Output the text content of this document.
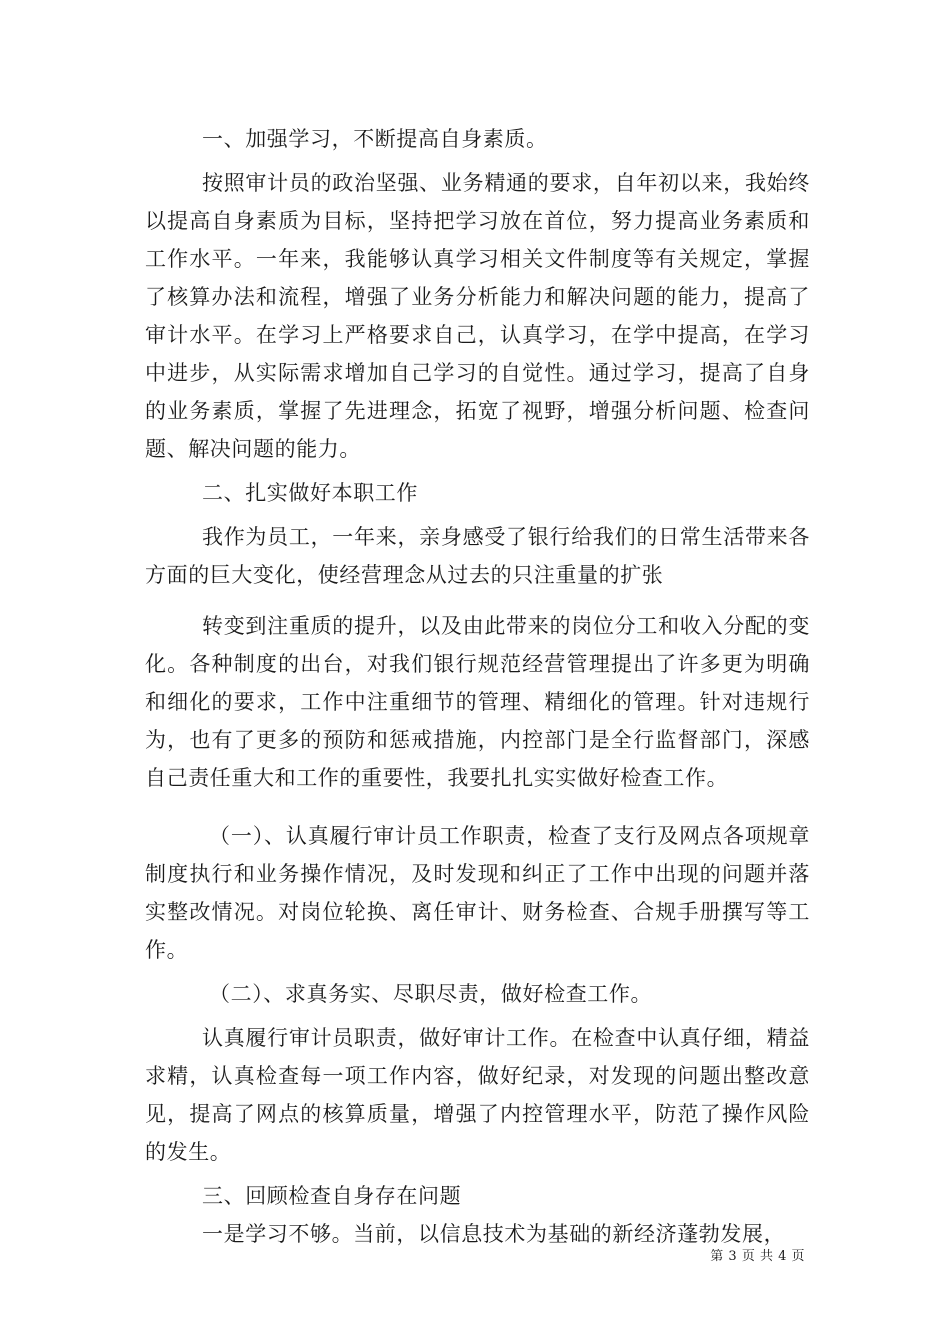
一、加强学习，不断提高自身素质。

按照审计员的政治坚强、业务精通的要求，自年初以来，我始终以提高自身素质为目标，坚持把学习放在首位，努力提高业务素质和工作水平。一年来，我能够认真学习相关文件制度等有关规定，掌握了核算办法和流程，增强了业务分析能力和解决问题的能力，提高了审计水平。在学习上严格要求自己，认真学习，在学中提高，在学习中进步，从实际需求增加自己学习的自觉性。通过学习，提高了自身的业务素质，掌握了先进理念，拓宽了视野，增强分析问题、检查问题、解决问题的能力。

二、扎实做好本职工作

我作为员工，一年来，亲身感受了银行给我们的日常生活带来各方面的巨大变化，使经营理念从过去的只注重量的扩张

转变到注重质的提升，以及由此带来的岗位分工和收入分配的变化。各种制度的出台，对我们银行规范经营管理提出了许多更为明确和细化的要求，工作中注重细节的管理、精细化的管理。针对违规行为，也有了更多的预防和惩戒措施，内控部门是全行监督部门，深感自己责任重大和工作的重要性，我要扎扎实实做好检查工作。

（一）、认真履行审计员工作职责，检查了支行及网点各项规章制度执行和业务操作情况，及时发现和纠正了工作中出现的问题并落实整改情况。对岗位轮换、离任审计、财务检查、合规手册撰写等工作。

（二）、求真务实、尽职尽责，做好检查工作。

认真履行审计员职责，做好审计工作。在检查中认真仔细，精益求精，认真检查每一项工作内容，做好纪录，对发现的问题出整改意见，提高了网点的核算质量，增强了内控管理水平，防范了操作风险的发生。

三、回顾检查自身存在问题

一是学习不够。当前，以信息技术为基础的新经济蓬勃发展，

第 3 页 共 4 页
